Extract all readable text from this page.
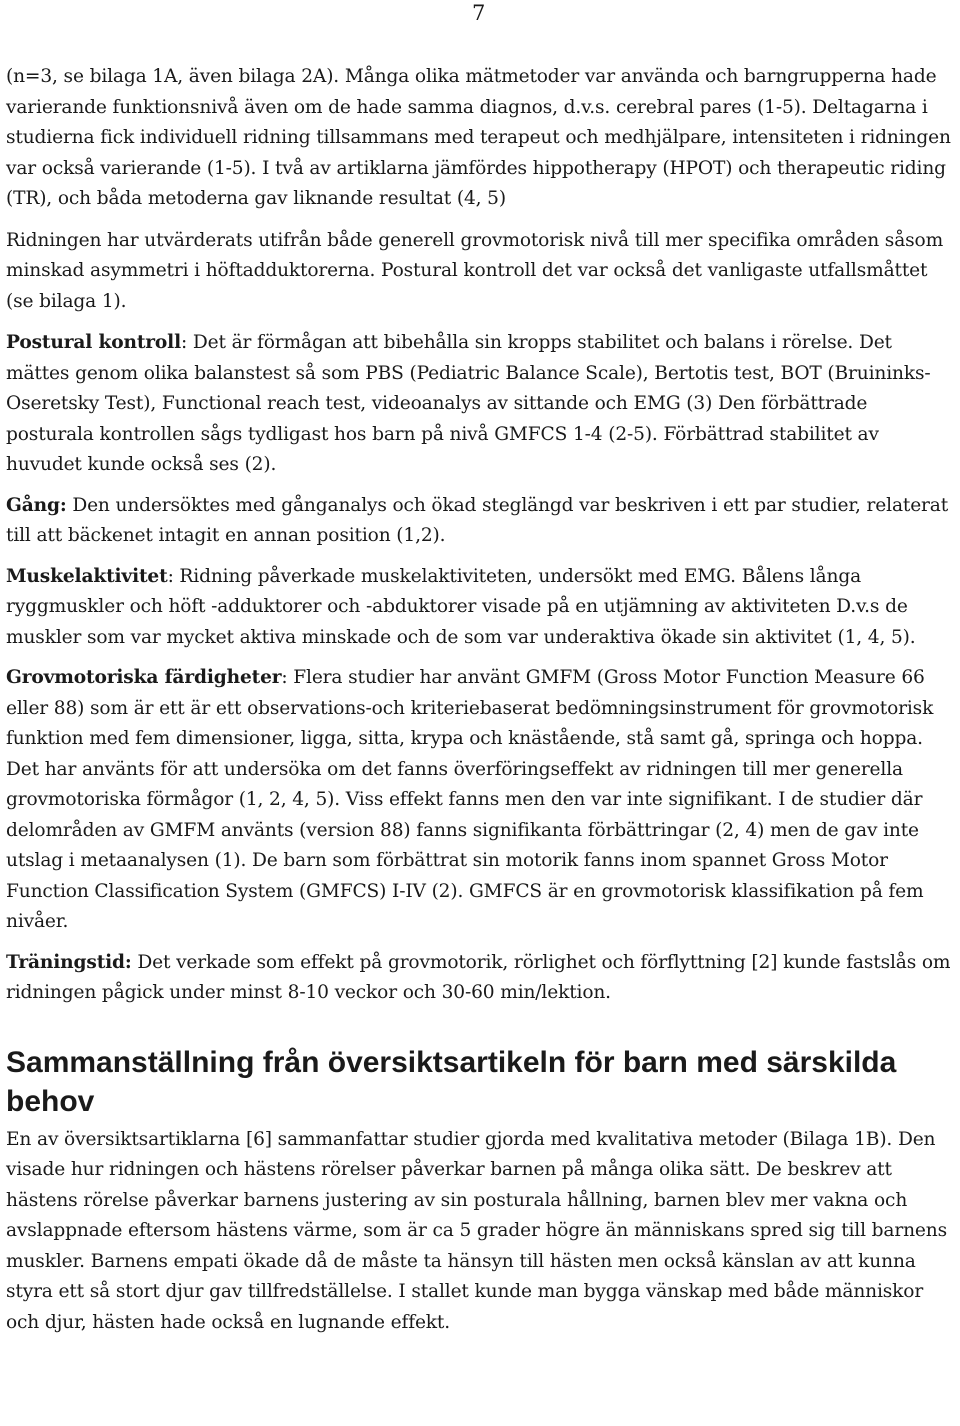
7

(n=3, se bilaga 1A, även bilaga 2A). Många olika mätmetoder var använda och barngrupperna hade varierande funktionsnivå även om de hade samma diagnos, d.v.s. cerebral pares (1-5). Deltagarna i studierna fick individuell ridning tillsammans med terapeut och medhjälpare, intensiteten i ridningen var också varierande (1-5). I två av artiklarna jämfördes hippotherapy (HPOT) och therapeutic riding (TR), och båda metoderna gav liknande resultat (4, 5)

Ridningen har utvärderats utifrån både generell grovmotorisk nivå till mer specifika områden såsom minskad asymmetri i höftadduktorerna. Postural kontroll det var också det vanligaste utfallsmåttet (se bilaga 1).

Postural kontroll: Det är förmågan att bibehålla sin kropps stabilitet och balans i rörelse. Det mättes genom olika balanstest så som PBS (Pediatric Balance Scale), Bertotis test, BOT (Bruininks-Oseretsky Test), Functional reach test, videoanalys av sittande och EMG (3) Den förbättrade posturala kontrollen sågs tydligast hos barn på nivå GMFCS 1-4 (2-5). Förbättrad stabilitet av huvudet kunde också ses (2).

Gång: Den undersöktes med gånganalys och ökad steglängd var beskriven i ett par studier, relaterat till att bäckenet intagit en annan position (1,2).

Muskelaktivitet: Ridning påverkade muskelaktiviteten, undersökt med EMG. Bålens långa ryggmuskler och höft -adduktorer och -abduktorer visade på en utjämning av aktiviteten D.v.s de muskler som var mycket aktiva minskade och de som var underaktiva ökade sin aktivitet (1, 4, 5).

Grovmotoriska färdigheter: Flera studier har använt GMFM (Gross Motor Function Measure 66 eller 88) som är ett är ett observations-och kriteriebaserat bedömningsinstrument för grovmotorisk funktion med fem dimensioner, ligga, sitta, krypa och knästående, stå samt gå, springa och hoppa. Det har använts för att undersöka om det fanns överföringseffekt av ridningen till mer generella grovmotoriska förmågor (1, 2, 4, 5). Viss effekt fanns men den var inte signifikant. I de studier där delområden av GMFM använts (version 88) fanns signifikanta förbättringar (2, 4) men de gav inte utslag i metaanalysen (1). De barn som förbättrat sin motorik fanns inom spannet Gross Motor Function Classification System (GMFCS) I-IV (2). GMFCS är en grovmotorisk klassifikation på fem nivåer.

Träningstid: Det verkade som effekt på grovmotorik, rörlighet och förflyttning [2] kunde fastslås om ridningen pågick under minst 8-10 veckor och 30-60 min/lektion.

Sammanställning från översiktsartikeln för barn med särskilda behov

En av översiktsartiklarna [6] sammanfattar studier gjorda med kvalitativa metoder (Bilaga 1B). Den visade hur ridningen och hästens rörelser påverkar barnen på många olika sätt. De beskrev att hästens rörelse påverkar barnens justering av sin posturala hållning, barnen blev mer vakna och avslappnade eftersom hästens värme, som är ca 5 grader högre än människans spred sig till barnens muskler. Barnens empati ökade då de måste ta hänsyn till hästen men också känslan av att kunna styra ett så stort djur gav tillfredställelse. I stallet kunde man bygga vänskap med både människor och djur, hästen hade också en lugnande effekt.
